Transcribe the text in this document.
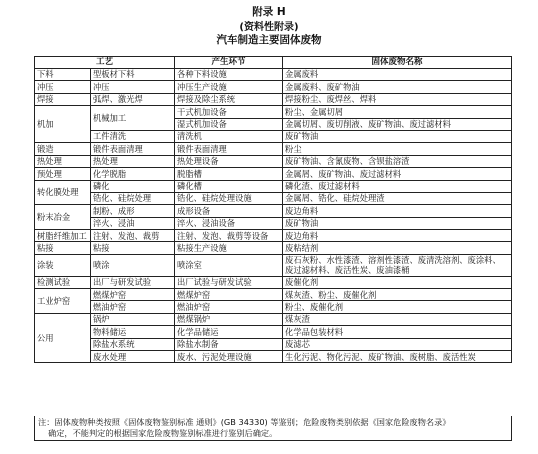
附录 H
(资料性附录)
汽车制造主要固体废物
工艺		产生环节	固体废物名称
下料	型板材下料	各种下料设施	金属废料
冲压	冲压	冲压生产设施	金属废料、废矿物油
焊接	弧焊、激光焊	焊接及除尘系统	焊接粉尘、废焊丝、焊料
机加	机械加工	干式机加设备	粉尘、金属切屑
		湿式机加设备	金属切屑、废切削液、废矿物油、废过滤材料
	工件清洗	清洗机	废矿物油
锻造	锻件表面清理	锻件表面清理	粉尘
热处理	热处理	热处理设备	废矿物油、含氰废物、含钡盐溶渣
预处理	化学脱脂	脱脂槽	金属屑、废矿物油、废过滤材料
转化膜处理	磷化	磷化槽	磷化渣、废过滤材料
	锆化、硅烷处理	锆化、硅烷处理设施	金属屑、锆化、硅烷处理渣
粉末冶金	制粉、成形	成形设备	废边角料
	淬火、浸油	淬火、浸油设备	废矿物油
树脂纤维加工	注射、发泡、裁剪	注射、发泡、裁剪等设备	废边角料
粘接	粘接	粘接生产设施	废粘结剂
涂装	喷涂	喷涂室	废石灰粉、水性漆渣、溶剂性漆渣、废清洗溶剂、废涂料、废过滤材料、废活性炭、废油漆桶
检测试验	出厂与研发试验	出厂试验与研发试验	废催化剂
工业炉窑	燃煤炉窑	燃煤炉窑	煤灰渣、粉尘、废催化剂
	燃油炉窑	燃油炉窑	粉尘、废催化剂
公用	锅炉	燃煤锅炉	煤灰渣
	物料储运	化学品储运	化学品包装材料
	除盐水系统	除盐水制备	废滤芯
	废水处理	废水、污泥处理设施	生化污泥、物化污泥、废矿物油、废树脂、废活性炭
注：固体废物种类按照《固体废物鉴别标准 通则》(GB 34330) 等鉴别；危险废物类别依据《国家危险废物名录》
确定，不能判定的根据国家危险废物鉴别标准进行鉴别后确定。
